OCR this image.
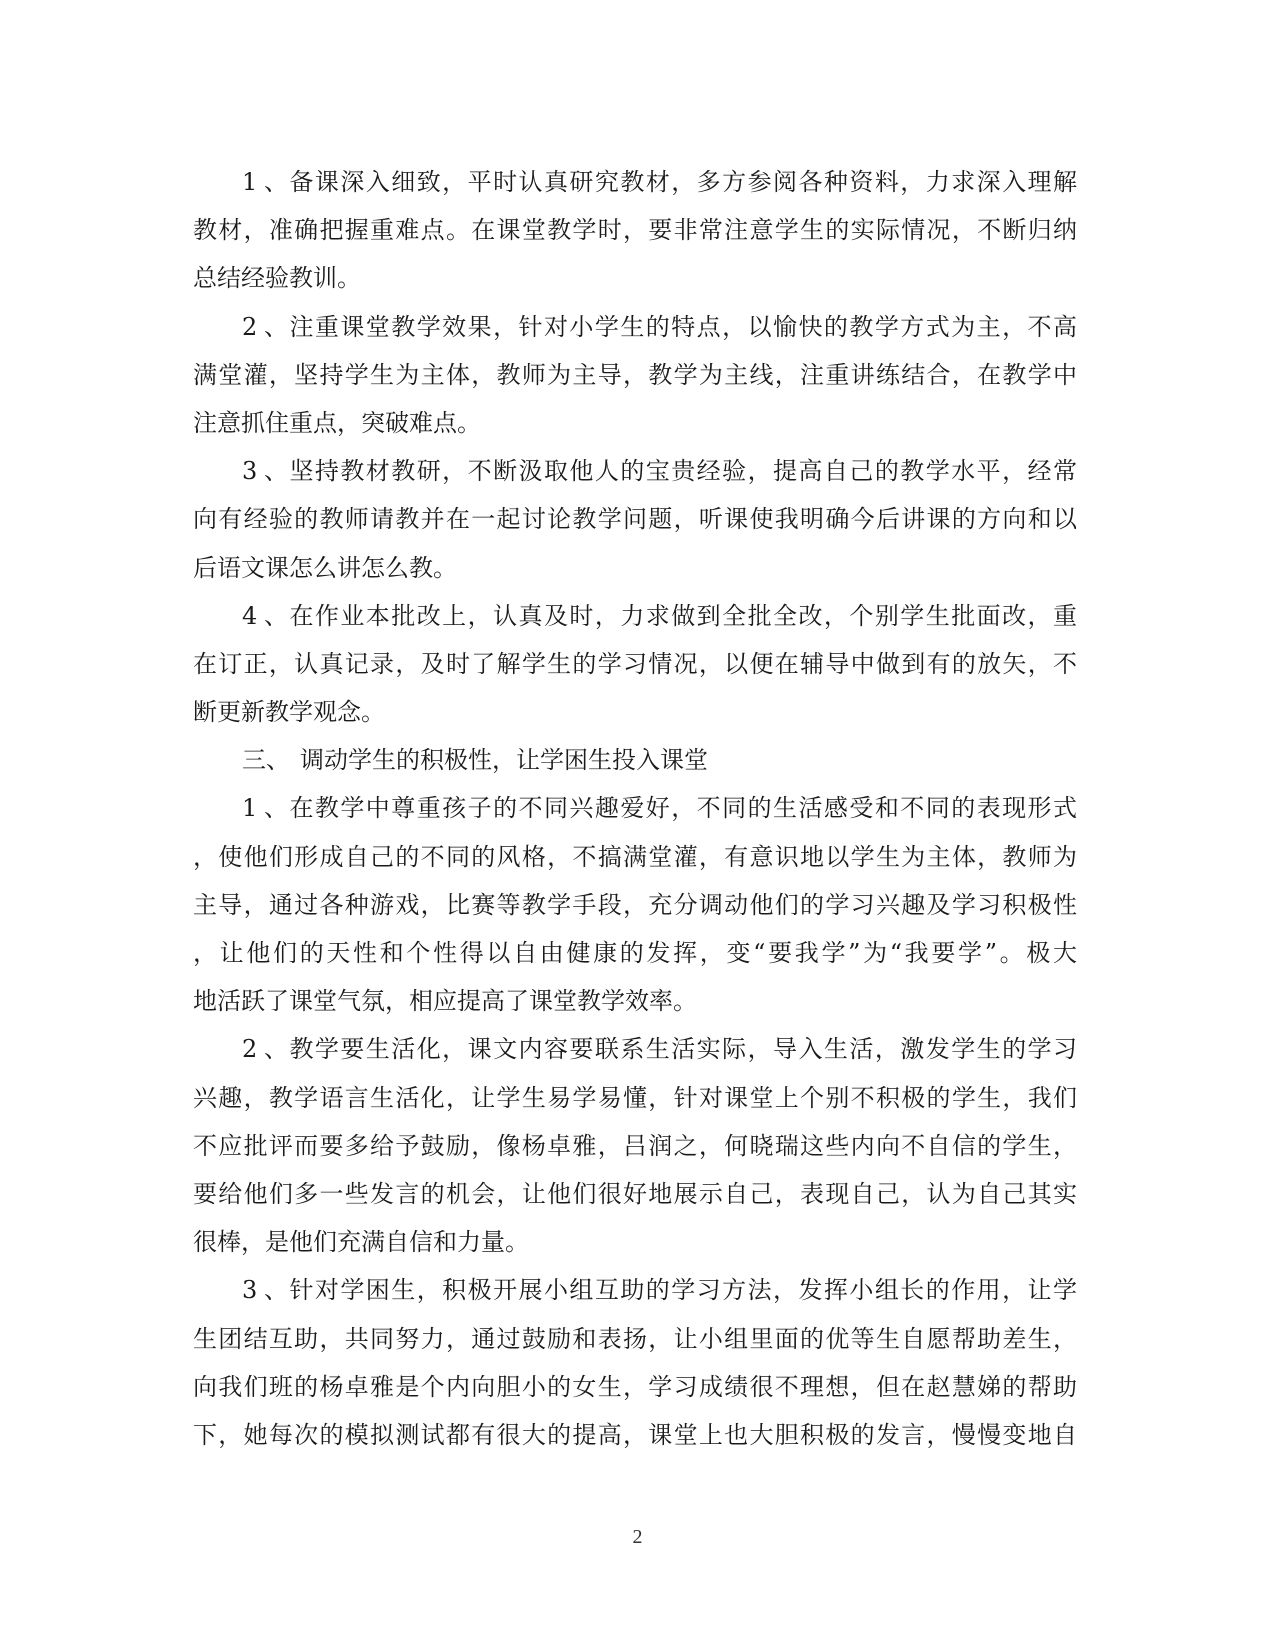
1、备课深入细致，平时认真研究教材，多方参阅各种资料，力求深入理解
教材，准确把握重难点。在课堂教学时，要非常注意学生的实际情况，不断归纳
总结经验教训。
2、注重课堂教学效果，针对小学生的特点，以愉快的教学方式为主，不高
满堂灌，坚持学生为主体，教师为主导，教学为主线，注重讲练结合，在教学中
注意抓住重点，突破难点。
3、坚持教材教研，不断汲取他人的宝贵经验，提高自己的教学水平，经常
向有经验的教师请教并在一起讨论教学问题，听课使我明确今后讲课的方向和以
后语文课怎么讲怎么教。
4、在作业本批改上，认真及时，力求做到全批全改，个别学生批面改，重
在订正，认真记录，及时了解学生的学习情况，以便在辅导中做到有的放矢，不
断更新教学观念。
三、 调动学生的积极性，让学困生投入课堂
1、在教学中尊重孩子的不同兴趣爱好，不同的生活感受和不同的表现形式
，使他们形成自己的不同的风格，不搞满堂灌，有意识地以学生为主体，教师为
主导，通过各种游戏，比赛等教学手段，充分调动他们的学习兴趣及学习积极性
，让他们的天性和个性得以自由健康的发挥，变“要我学”为“我要学”。极大
地活跃了课堂气氛，相应提高了课堂教学效率。
2、教学要生活化，课文内容要联系生活实际，导入生活，激发学生的学习
兴趣，教学语言生活化，让学生易学易懂，针对课堂上个别不积极的学生，我们
不应批评而要多给予鼓励，像杨卓雅，吕润之，何晓瑞这些内向不自信的学生，
要给他们多一些发言的机会，让他们很好地展示自己，表现自己，认为自己其实
很棒，是他们充满自信和力量。
3、针对学困生，积极开展小组互助的学习方法，发挥小组长的作用，让学
生团结互助，共同努力，通过鼓励和表扬，让小组里面的优等生自愿帮助差生，
向我们班的杨卓雅是个内向胆小的女生，学习成绩很不理想，但在赵慧娣的帮助
下，她每次的模拟测试都有很大的提高，课堂上也大胆积极的发言，慢慢变地自
2
